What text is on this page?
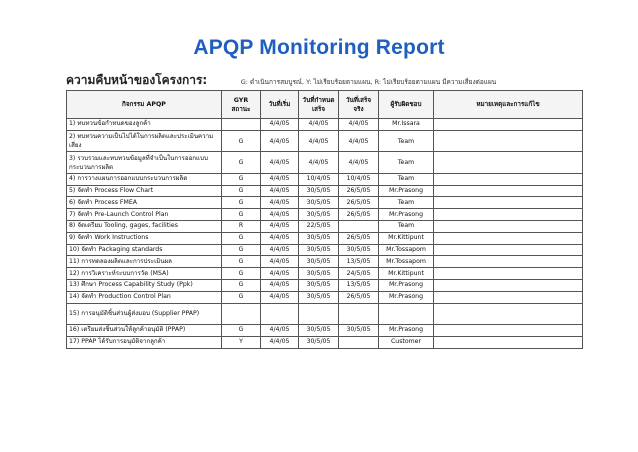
APQP Monitoring Report
ความคืบหน้าของโครงการ:	G: ดำเนินการสมบูรณ์, Y: ไม่เรียบร้อยตามแผน, R: ไม่เรียบร้อยตามแผน มีความเสี่ยงต่อแผน
กิจกรรม APQP	GYR สถานะ	วันที่เริ่ม	วันที่กำหนดเสร็จ	วันที่เสร็จจริง	ผู้รับผิดชอบ	หมายเหตุและการแก้ไข
1) ทบทวนข้อกำหนดของลูกค้า		4/4/05	4/4/05	4/4/05	Mr.Issara	
2) ทบทวนความเป็นไปได้ในการผลิตและประเมินความเสี่ยง	G	4/4/05	4/4/05	4/4/05	Team	
3) รวบรวมและทบทวนข้อมูลที่จำเป็นในการออกแบบกระบวนการผลิต	G	4/4/05	4/4/05	4/4/05	Team	
4) การวางแผนการออกแบบกระบวนการผลิต	G	4/4/05	10/4/05	10/4/05	Team	
5) จัดทำ Process Flow Chart	G	4/4/05	30/5/05	26/5/05	Mr.Prasong	
6) จัดทำ Process FMEA	G	4/4/05	30/5/05	26/5/05	Team	
7) จัดทำ Pre-Launch Control Plan	G	4/4/05	30/5/05	26/5/05	Mr.Prasong	
8) จัดเตรียม Tooling, gages, facilities	R	4/4/05	22/5/05		Team	
9) จัดทำ Work Instructions	G	4/4/05	30/5/05	26/5/05	Mr.Kittipunt	
10) จัดทำ Packaging standards	G	4/4/05	30/5/05	30/5/05	Mr.Tossapom	
11) การทดลองผลิตและการประเมินผล	G	4/4/05	30/5/05	13/5/05	Mr.Tossapom	
12) การวิเคราะห์ระบบการวัด (MSA)	G	4/4/05	30/5/05	24/5/05	Mr.Kittipunt	
13) ศึกษา Process Capability Study (Ppk)	G	4/4/05	30/5/05	13/5/05	Mr.Prasong	
14) จัดทำ Production Control Plan	G	4/4/05	30/5/05	26/5/05	Mr.Prasong	
15) การอนุมัติชิ้นส่วนผู้ส่งมอบ (Supplier PPAP)						
16) เตรียมส่งชิ้นส่วนให้ลูกค้าอนุมัติ (PPAP)	G	4/4/05	30/5/05	30/5/05	Mr.Prasong	
17) PPAP ได้รับการอนุมัติจากลูกค้า	Y	4/4/05	30/5/05		Customer	
